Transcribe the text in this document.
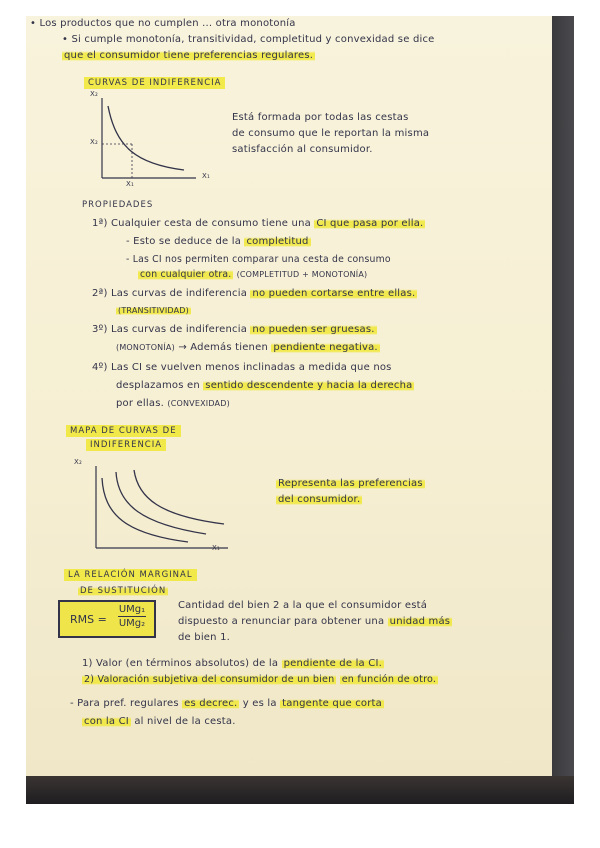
• Los productos que no cumplen ... otra monotonía
• Si cumple monotonía, transitividad, completitud y convexidad se dice
que el consumidor tiene preferencias regulares.
CURVAS DE INDIFERENCIA
X₂
X₁
X₂
X₁
Está formada por todas las cestas
de consumo que le reportan la misma
satisfacción al consumidor.
PROPIEDADES
1ª) Cualquier cesta de consumo tiene una CI que pasa por ella.
- Esto se deduce de la completitud
- Las CI nos permiten comparar una cesta de consumo
con cualquier otra. (COMPLETITUD + MONOTONÍA)
2ª) Las curvas de indiferencia no pueden cortarse entre ellas.
(TRANSITIVIDAD)
3º) Las curvas de indiferencia no pueden ser gruesas.
(MONOTONÍA) → Además tienen pendiente negativa.
4º) Las CI se vuelven menos inclinadas a medida que nos
desplazamos en sentido descendente y hacia la derecha
por ellas. (CONVEXIDAD)
MAPA DE CURVAS DE
INDIFERENCIA
X₂
X₁
Representa las preferencias
del consumidor.
LA RELACIÓN MARGINAL
DE SUSTITUCIÓN
RMS =
UMg₁
UMg₂
Cantidad del bien 2 a la que el consumidor está
dispuesto a renunciar para obtener una unidad más
de bien 1.
1) Valor (en términos absolutos) de la pendiente de la CI.
2) Valoración subjetiva del consumidor de un bien en función de otro.
- Para pref. regulares es decrec. y es la tangente que corta
con la CI al nivel de la cesta.
